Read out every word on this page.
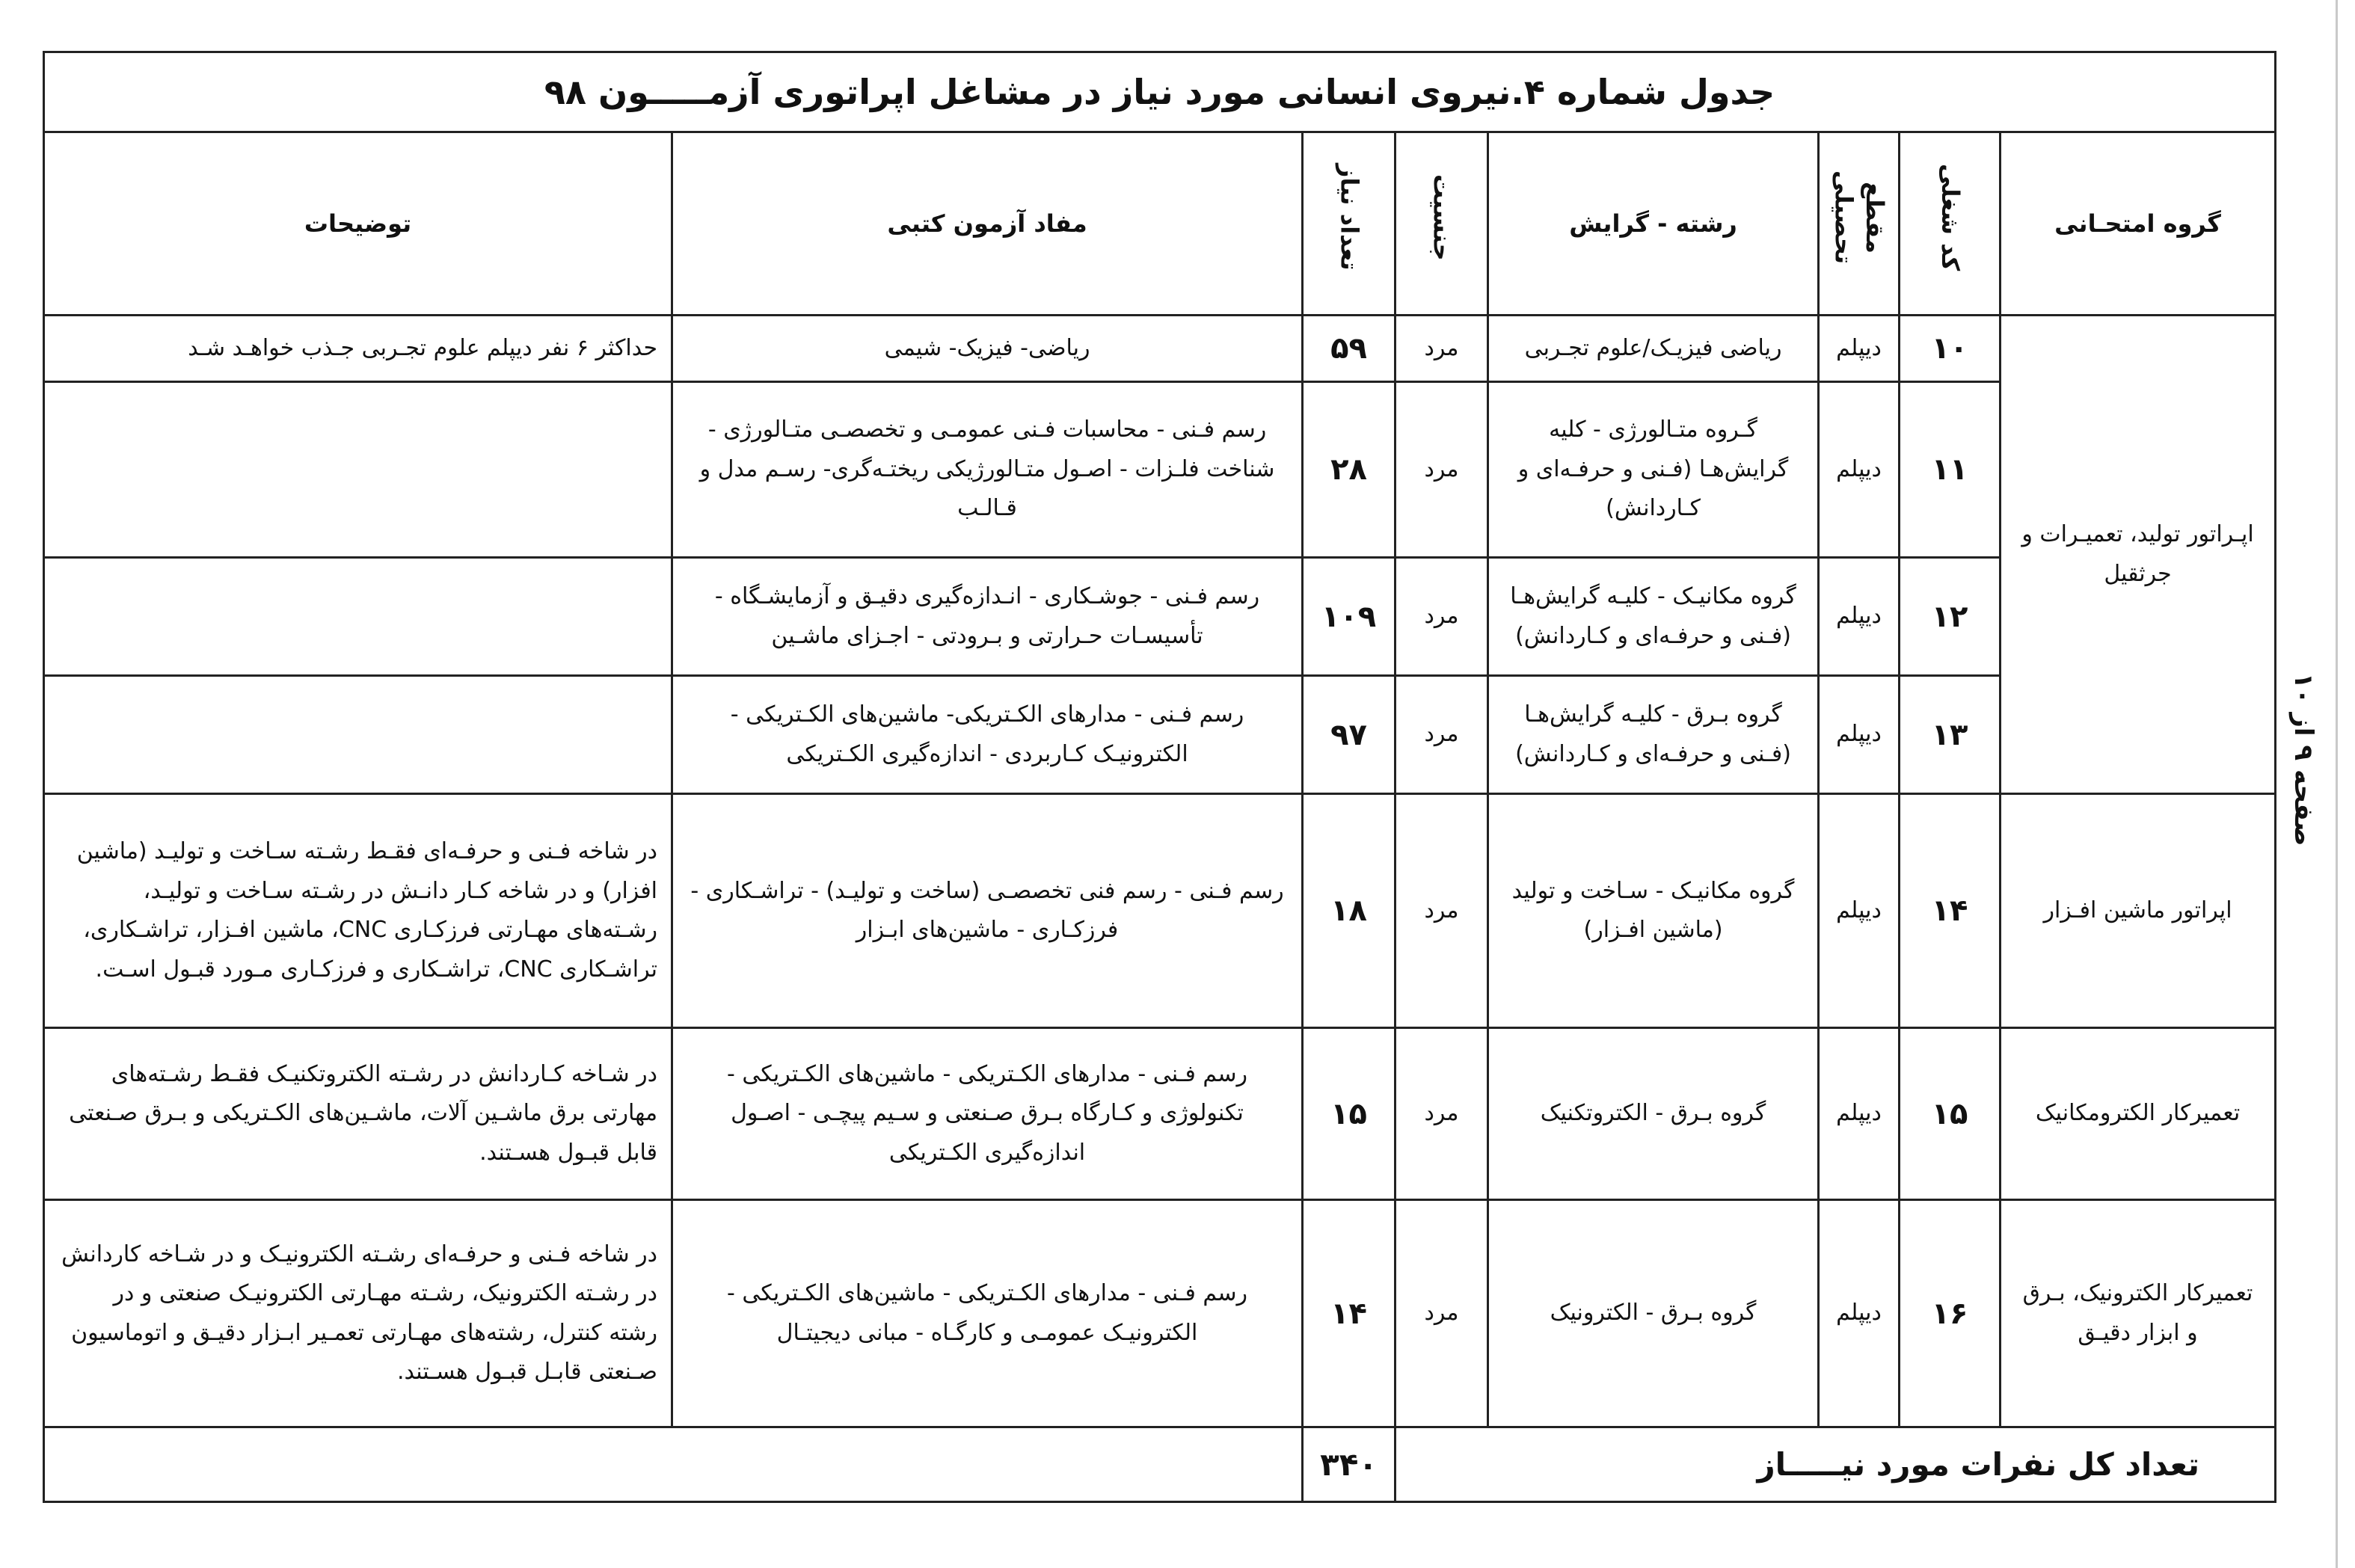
جدول شماره ۴.نیروی انسانی مورد نیاز در مشاغل اپراتوری آزمـــــون ۹۸							
گروه امتحـانی	کد شغلی	مقطع تحصیلی	رشته - گرایش	جنسیت	تعداد نیاز	مفاد آزمون کتبی	توضیحات
اپـراتور تولید، تعمیـرات و جرثقیل	۱۰	دیپلم	ریاضی فیزیـک/علوم تجـربی	مرد	۵۹	ریاضی- فیزیک- شیمی	حداکثر ۶ نفر دیپلم علوم تجـربی جـذب خواهـد شـد
	۱۱	دیپلم	گـروه متـالورژی - کلیه گرایش‌هـا (فـنی و حرفـه‌ای و کـاردانش)	مرد	۲۸	رسم فـنی - محاسبات فـنی عمومـی و تخصصـی متـالورژی - شناخت فلـزات - اصـول متـالورژیکی ریختـه‌گری- رسـم مدل و قـالـب	
	۱۲	دیپلم	گروه مکانیـک - کلیـه گرایش‌هـا (فـنی و حرفـه‌ای و کـاردانش)	مرد	۱۰۹	رسم فـنی - جوشـکاری - انـدازه‌گیری دقیـق و آزمایشـگاه - تأسیسـات حـرارتی و بـرودتی - اجـزای ماشـین	
	۱۳	دیپلم	گروه بـرق - کلیـه گرایش‌هـا (فـنی و حرفـه‌ای و کـاردانش)	مرد	۹۷	رسم فـنی - مدارهای الکـتریکی- ماشین‌های الکـتریکی - الکترونیـک کـاربردی - اندازه‌گیری الکـتریکی	
اپراتور ماشین افـزار	۱۴	دیپلم	گروه مکانیـک - سـاخت و تولید (ماشین افـزار)	مرد	۱۸	رسم فـنی - رسم فنی تخصصـی (ساخت و تولیـد) - تراشـکاری - فرزکـاری - ماشین‌های ابـزار	در شاخه فـنی و حرفـه‌ای فقـط رشـته سـاخت و تولیـد (ماشین افزار) و در شاخه کـار دانـش در رشـته سـاخت و تولیـد، رشـته‌های مهـارتی فرزکـاری CNC، ماشین افـزار، تراشـکاری، تراشـکاری CNC، تراشـکاری و فرزکـاری مـورد قبـول اسـت.
تعمیرکار الکترومکانیک	۱۵	دیپلم	گروه بـرق - الکتروتکنیک	مرد	۱۵	رسم فـنی - مدارهای الکـتریکی - ماشین‌های الکـتریکی - تکنولوژی و کـارگاه بـرق صـنعتی و سـیم پیچـی - اصـول اندازه‌گیری الکـتریکی	در شـاخه کـاردانش در رشـته الکتروتکنیـک فقـط رشـته‌های مهارتی برق ماشـین آلات، ماشـین‌های الکـتریکی و بـرق صـنعتی قابل قبـول هسـتند.
تعمیرکار الکترونیک، بـرق و ابزار دقیـق	۱۶	دیپلم	گروه بـرق - الکترونیک	مرد	۱۴	رسم فـنی - مدارهای الکـتریکی - ماشین‌های الکـتریکی - الکترونیـک عمومـی و کارگـاه - مبانی دیجیتـال	در شاخه فـنی و حرفـه‌ای رشـته الکترونیـک و در شـاخه کاردانش در رشـته الکترونیک، رشـته مهـارتی الکترونیـک صنعتی و در رشته کنترل، رشته‌های مهـارتی تعمـیر ابـزار دقیـق و اتوماسیون صـنعتی قابـل قبـول هسـتند.
تعداد کل نفرات مورد نیـــــاز					۳۴۰		
صفحه ۹ از ۱۰
